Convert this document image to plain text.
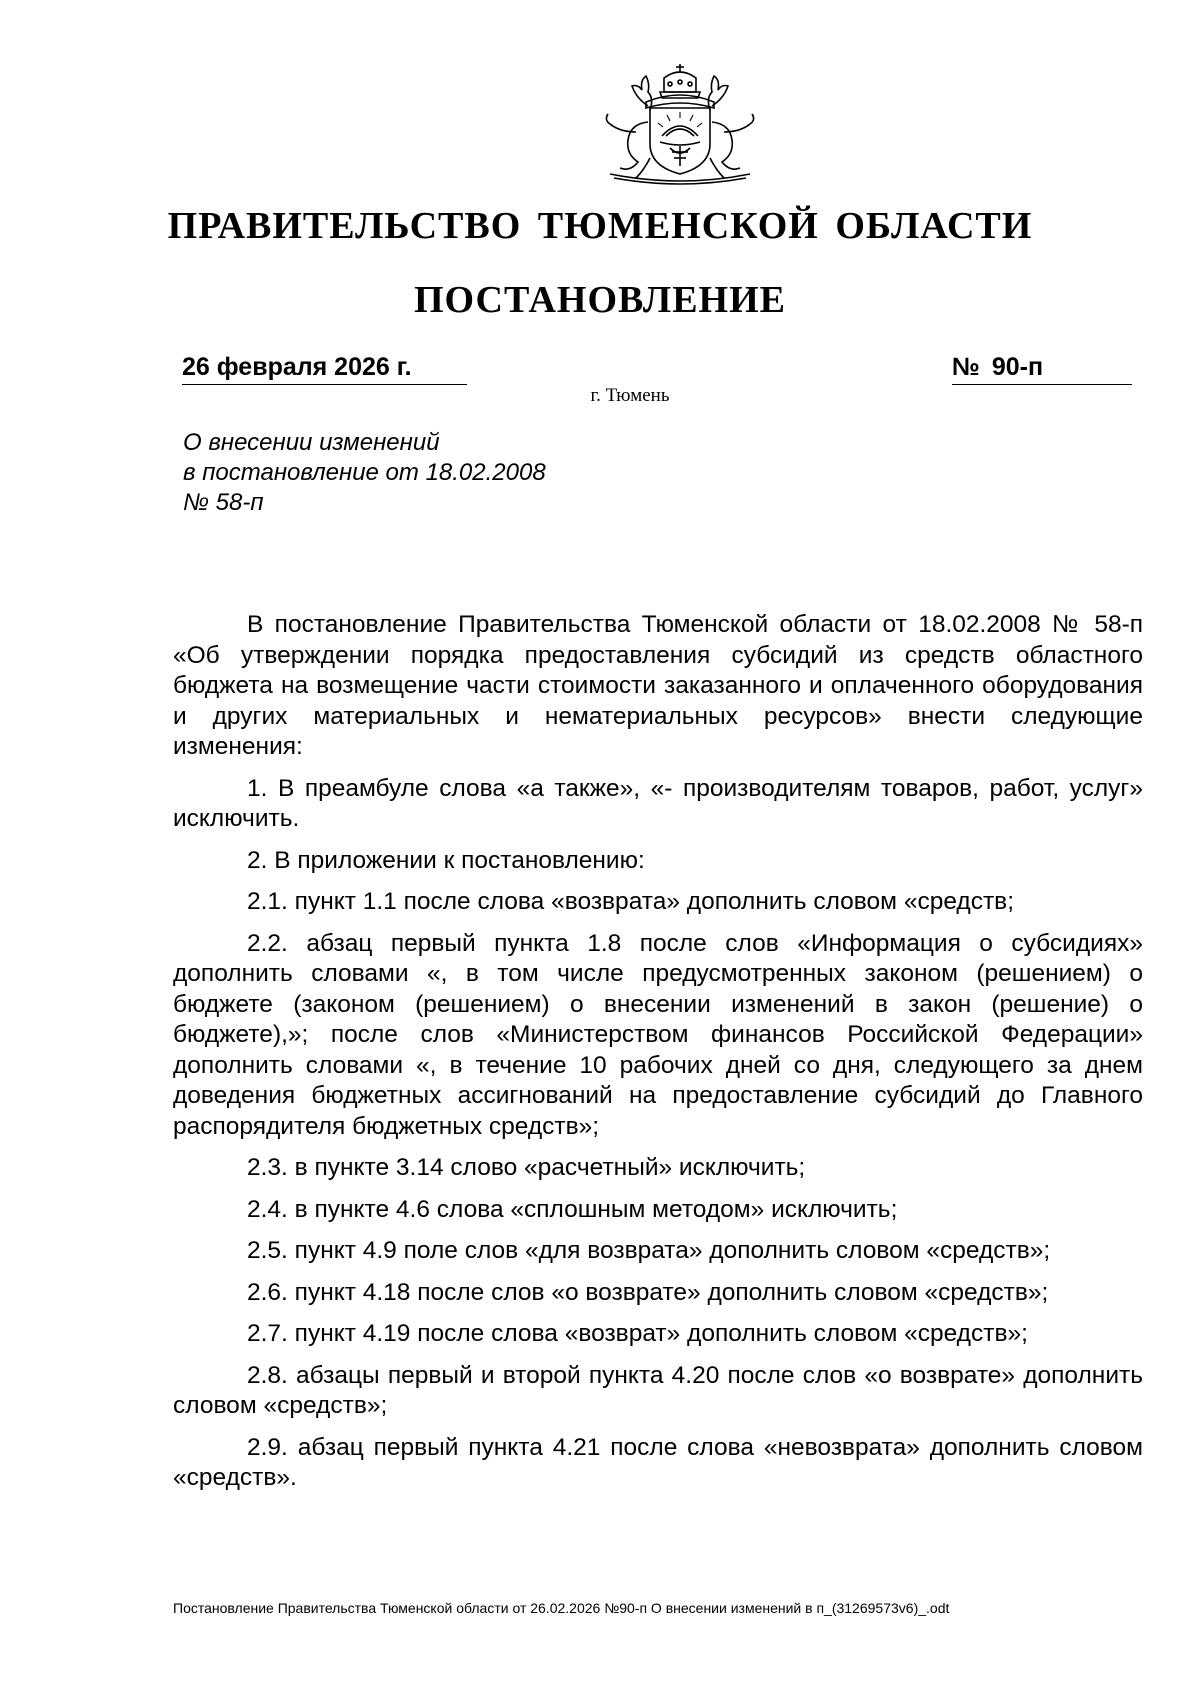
ПРАВИТЕЛЬСТВО ТЮМЕНСКОЙ ОБЛАСТИ
ПОСТАНОВЛЕНИЕ
26 февраля 2026 г.	№ 90-п
г. Тюмень
О внесении изменений
в постановление от 18.02.2008
№ 58-п

В постановление Правительства Тюменской области от 18.02.2008 № 58-п «Об утверждении порядка предоставления субсидий из средств областного бюджета на возмещение части стоимости заказанного и оплаченного оборудования и других материальных и нематериальных ресурсов» внести следующие изменения:

1. В преамбуле слова «а также», «- производителям товаров, работ, услуг» исключить.

2. В приложении к постановлению:

2.1. пункт 1.1 после слова «возврата» дополнить словом «средств;

2.2. абзац первый пункта 1.8 после слов «Информация о субсидиях» дополнить словами «, в том числе предусмотренных законом (решением) о бюджете (законом (решением) о внесении изменений в закон (решение) о бюджете),»; после слов «Министерством финансов Российской Федерации» дополнить словами «, в течение 10 рабочих дней со дня, следующего за днем доведения бюджетных ассигнований на предоставление субсидий до Главного распорядителя бюджетных средств»;

2.3. в пункте 3.14 слово «расчетный» исключить;

2.4. в пункте 4.6 слова «сплошным методом» исключить;

2.5. пункт 4.9 поле слов «для возврата» дополнить словом «средств»;

2.6. пункт 4.18 после слов «о возврате» дополнить словом «средств»;

2.7. пункт 4.19 после слова «возврат» дополнить словом «средств»;

2.8. абзацы первый и второй пункта 4.20 после слов «о возврате» дополнить словом «средств»;

2.9. абзац первый пункта 4.21 после слова «невозврата» дополнить словом «средств».

Постановление Правительства Тюменской области от 26.02.2026 №90-п О внесении изменений в п_(31269573v6)_.odt
